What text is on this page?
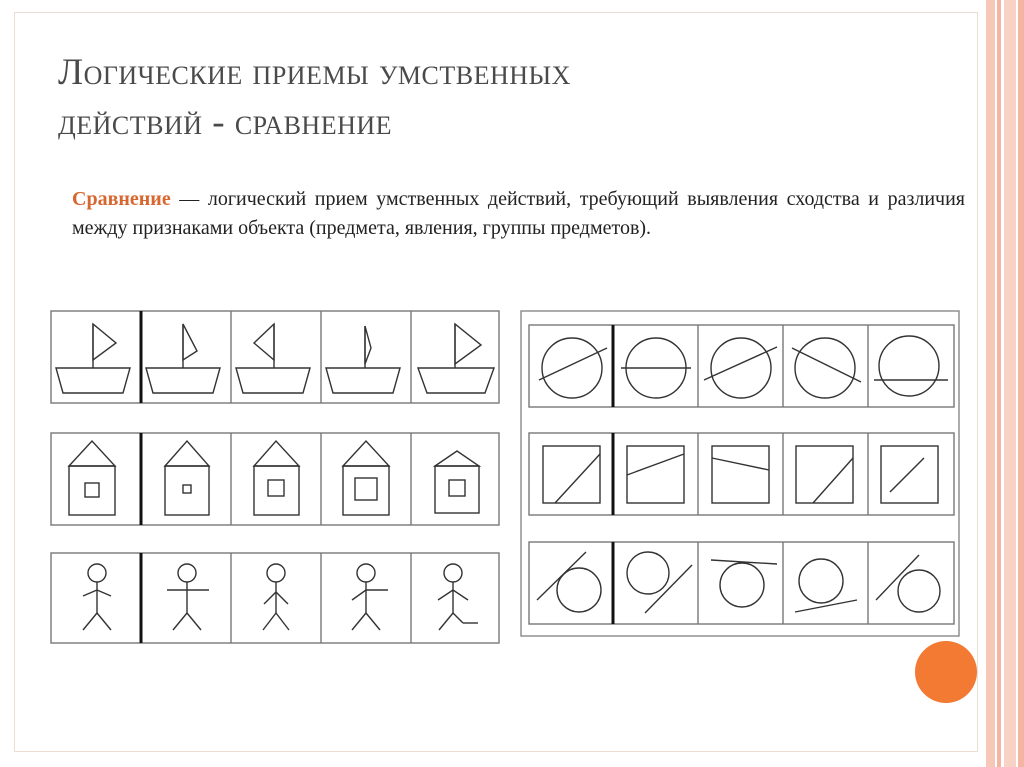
Логические приемы умственных
действий - сравнение
Сравнение — логический прием умственных действий, требующий выявления сходства и различия между признаками объекта (предмета, явления, группы предметов).
